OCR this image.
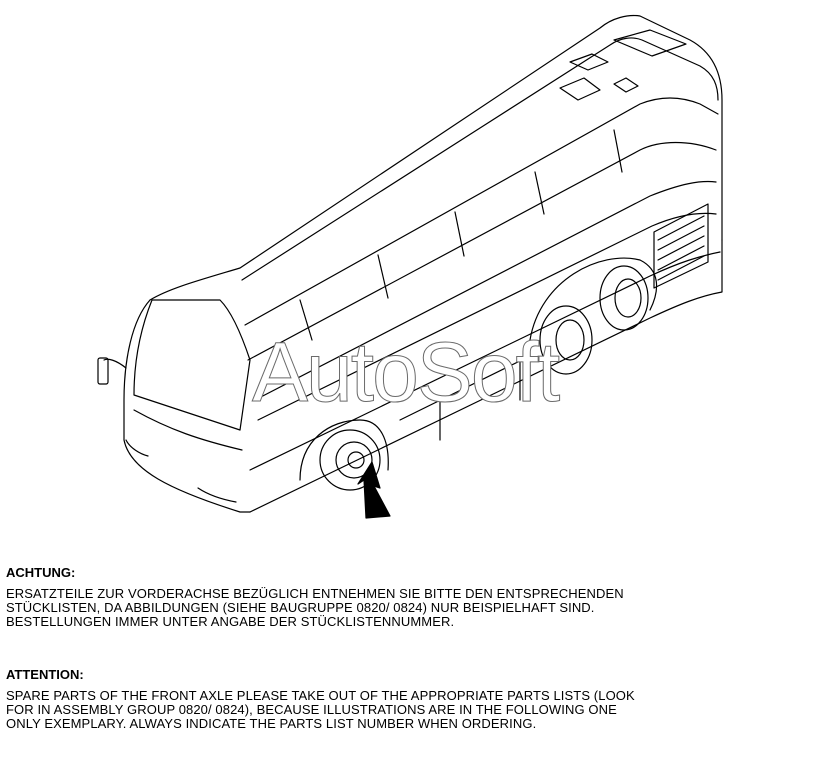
AutoSoft
ACHTUNG:

ERSATZTEILE ZUR VORDERACHSE BEZÜGLICH ENTNEHMEN SIE BITTE DEN ENTSPRECHENDEN
STÜCKLISTEN, DA ABBILDUNGEN (SIEHE BAUGRUPPE 0820/ 0824) NUR BEISPIELHAFT SIND.
BESTELLUNGEN IMMER UNTER ANGABE DER STÜCKLISTENNUMMER.

ATTENTION:

SPARE PARTS OF THE FRONT AXLE PLEASE TAKE OUT OF THE APPROPRIATE PARTS LISTS (LOOK
FOR IN ASSEMBLY GROUP 0820/ 0824), BECAUSE ILLUSTRATIONS ARE IN THE FOLLOWING ONE
ONLY EXEMPLARY. ALWAYS INDICATE THE PARTS LIST NUMBER WHEN ORDERING.
